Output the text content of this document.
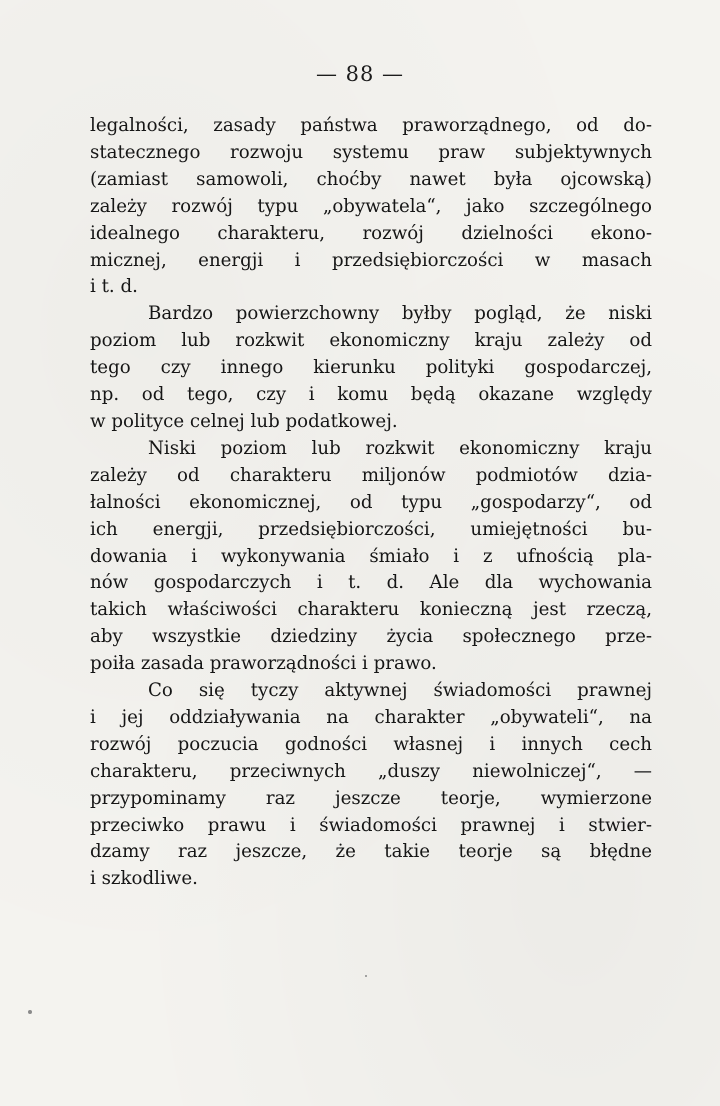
— 88 —
legalności, zasady państwa praworządnego, od do-
statecznego rozwoju systemu praw subjektywnych
(zamiast samowoli, choćby nawet była ojcowską)
zależy rozwój typu „obywatela“, jako szczególnego
idealnego charakteru, rozwój dzielności ekono-
micznej, energji i przedsiębiorczości w masach
i t. d.
Bardzo powierzchowny byłby pogląd, że niski
poziom lub rozkwit ekonomiczny kraju zależy od
tego czy innego kierunku polityki gospodarczej,
np. od tego, czy i komu będą okazane względy
w polityce celnej lub podatkowej.
Niski poziom lub rozkwit ekonomiczny kraju
zależy od charakteru miljonów podmiotów dzia-
łalności ekonomicznej, od typu „gospodarzy“, od
ich energji, przedsiębiorczości, umiejętności bu-
dowania i wykonywania śmiało i z ufnością pla-
nów gospodarczych i t. d. Ale dla wychowania
takich właściwości charakteru konieczną jest rzeczą,
aby wszystkie dziedziny życia społecznego prze-
poiła zasada praworządności i prawo.
Co się tyczy aktywnej świadomości prawnej
i jej oddziaływania na charakter „obywateli“, na
rozwój poczucia godności własnej i innych cech
charakteru, przeciwnych „duszy niewolniczej“, —
przypominamy raz jeszcze teorje, wymierzone
przeciwko prawu i świadomości prawnej i stwier-
dzamy raz jeszcze, że takie teorje są błędne
i szkodliwe.
